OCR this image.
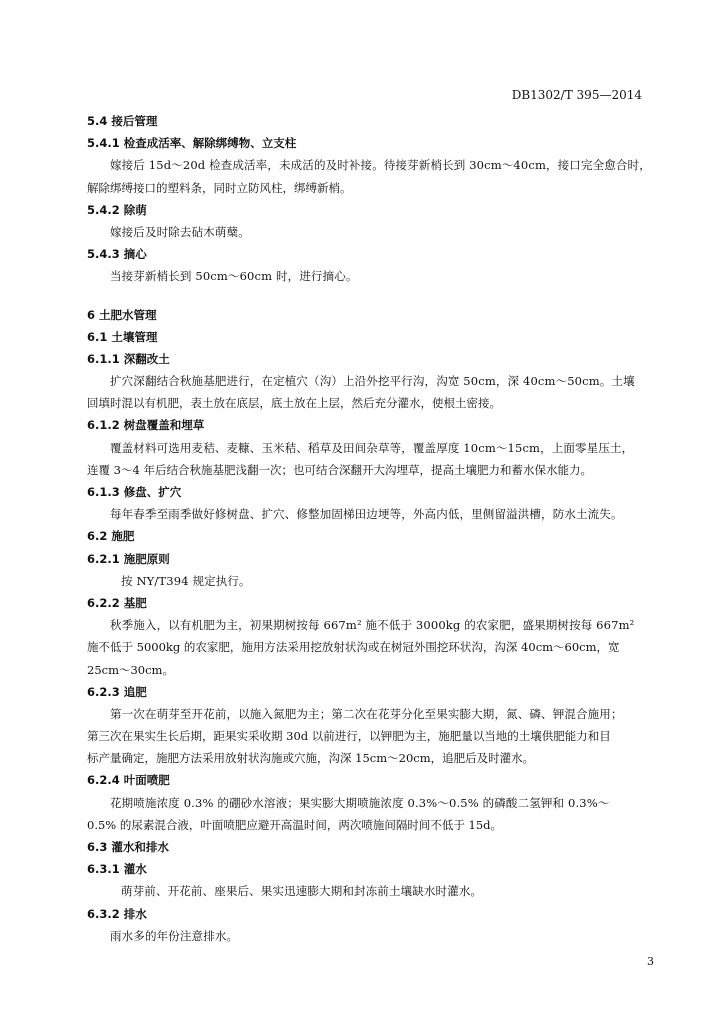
DB1302/T 395—2014
5.4 接后管理
5.4.1 检查成活率、解除绑缚物、立支柱
嫁接后 15d～20d 检查成活率，未成活的及时补接。待接芽新梢长到 30cm～40cm，接口完全愈合时，
解除绑缚接口的塑料条，同时立防风柱，绑缚新梢。
5.4.2 除萌
嫁接后及时除去砧木萌蘖。
5.4.3 摘心
当接芽新梢长到 50cm～60cm 时，进行摘心。
6 土肥水管理
6.1 土壤管理
6.1.1 深翻改土
扩穴深翻结合秋施基肥进行，在定植穴（沟）上沿外挖平行沟，沟宽 50cm，深 40cm～50cm。土壤
回填时混以有机肥，表土放在底层，底土放在上层，然后充分灌水，使根土密接。
6.1.2 树盘覆盖和埋草
覆盖材料可选用麦秸、麦糠、玉米秸、稻草及田间杂草等，覆盖厚度 10cm～15cm，上面零星压土，
连覆 3～4 年后结合秋施基肥浅翻一次；也可结合深翻开大沟埋草，提高土壤肥力和蓄水保水能力。
6.1.3 修盘、扩穴
每年春季至雨季做好修树盘、扩穴、修整加固梯田边埂等，外高内低，里侧留溢洪槽，防水土流失。
6.2 施肥
6.2.1 施肥原则
按 NY/T394 规定执行。
6.2.2 基肥
秋季施入，以有机肥为主，初果期树按每 667m² 施不低于 3000kg 的农家肥，盛果期树按每 667m²
施不低于 5000kg 的农家肥，施用方法采用挖放射状沟或在树冠外围挖环状沟，沟深 40cm～60cm，宽
25cm～30cm。
6.2.3 追肥
第一次在萌芽至开花前，以施入氮肥为主；第二次在花芽分化至果实膨大期，氮、磷、钾混合施用；
第三次在果实生长后期，距果实采收期 30d 以前进行，以钾肥为主，施肥量以当地的土壤供肥能力和目
标产量确定，施肥方法采用放射状沟施或穴施，沟深 15cm～20cm，追肥后及时灌水。
6.2.4 叶面喷肥
花期喷施浓度 0.3% 的硼砂水溶液；果实膨大期喷施浓度 0.3%～0.5% 的磷酸二氢钾和 0.3%～
0.5% 的尿素混合液，叶面喷肥应避开高温时间，两次喷施间隔时间不低于 15d。
6.3 灌水和排水
6.3.1 灌水
萌芽前、开花前、座果后、果实迅速膨大期和封冻前土壤缺水时灌水。
6.3.2 排水
雨水多的年份注意排水。
3
